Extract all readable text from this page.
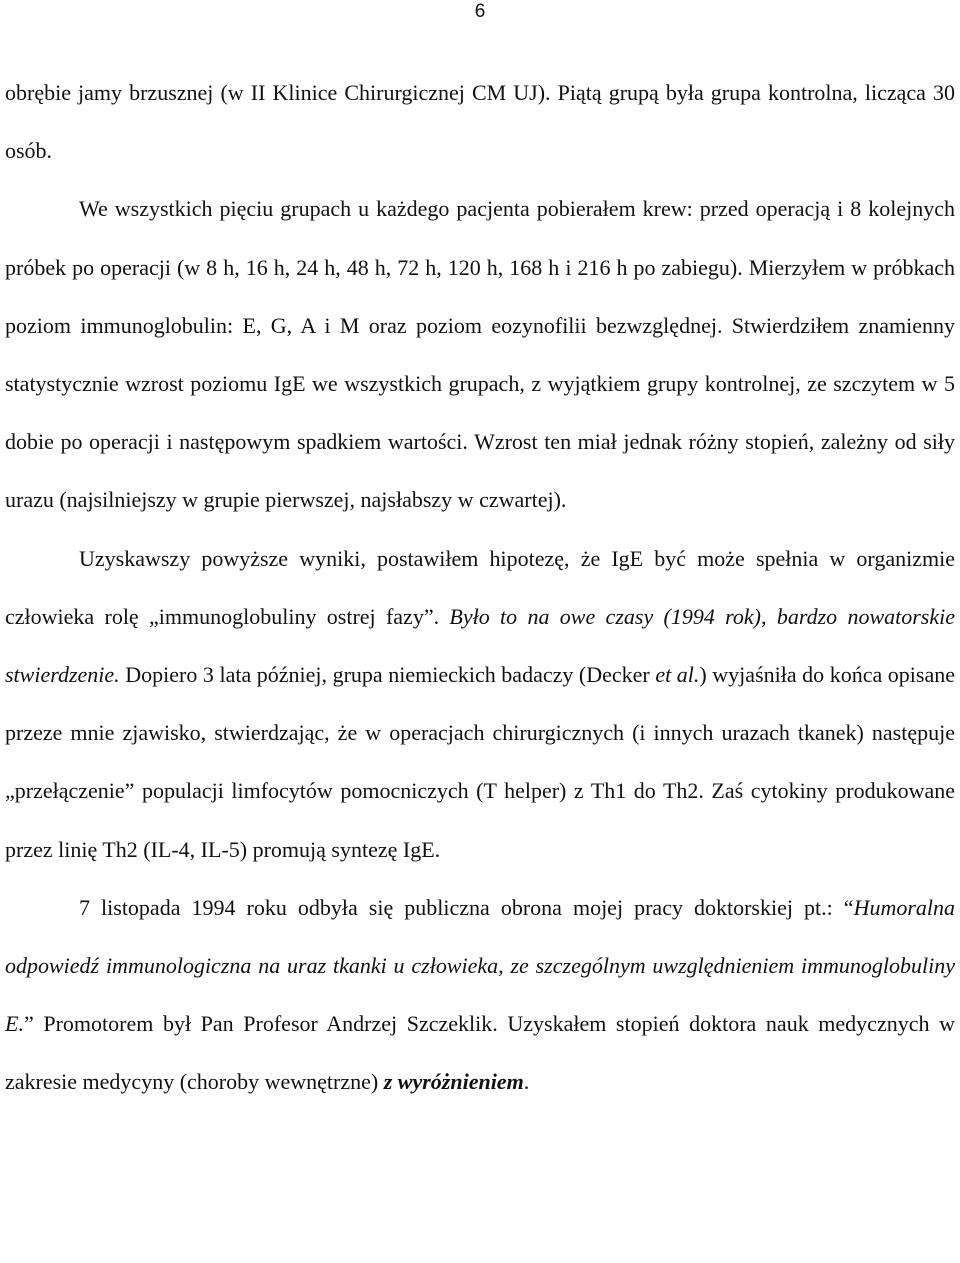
6

obrębie jamy brzusznej (w II Klinice Chirurgicznej CM UJ). Piątą grupą była grupa kontrolna, licząca 30 osób.

We wszystkich pięciu grupach u każdego pacjenta pobierałem krew: przed operacją i 8 kolejnych próbek po operacji (w 8 h, 16 h, 24 h, 48 h, 72 h, 120 h, 168 h i 216 h po zabiegu). Mierzyłem w próbkach poziom immunoglobulin: E, G, A i M oraz poziom eozynofilii bezwzględnej. Stwierdziłem znamienny statystycznie wzrost poziomu IgE we wszystkich grupach, z wyjątkiem grupy kontrolnej, ze szczytem w 5 dobie po operacji i następowym spadkiem wartości. Wzrost ten miał jednak różny stopień, zależny od siły urazu (najsilniejszy w grupie pierwszej, najsłabszy w czwartej).

Uzyskawszy powyższe wyniki, postawiłem hipotezę, że IgE być może spełnia w organizmie człowieka rolę „immunoglobuliny ostrej fazy”. Było to na owe czasy (1994 rok), bardzo nowatorskie stwierdzenie. Dopiero 3 lata później, grupa niemieckich badaczy (Decker et al.) wyjaśniła do końca opisane przeze mnie zjawisko, stwierdzając, że w operacjach chirurgicznych (i innych urazach tkanek) następuje „przełączenie” populacji limfocytów pomocniczych (T helper) z Th1 do Th2. Zaś cytokiny produkowane przez linię Th2 (IL-4, IL-5) promują syntezę IgE.

7 listopada 1994 roku odbyła się publiczna obrona mojej pracy doktorskiej pt.: “Humoralna odpowiedź immunologiczna na uraz tkanki u człowieka, ze szczególnym uwzględnieniem immunoglobuliny E.” Promotorem był Pan Profesor Andrzej Szczeklik. Uzyskałem stopień doktora nauk medycznych w zakresie medycyny (choroby wewnętrzne) z wyróżnieniem.
